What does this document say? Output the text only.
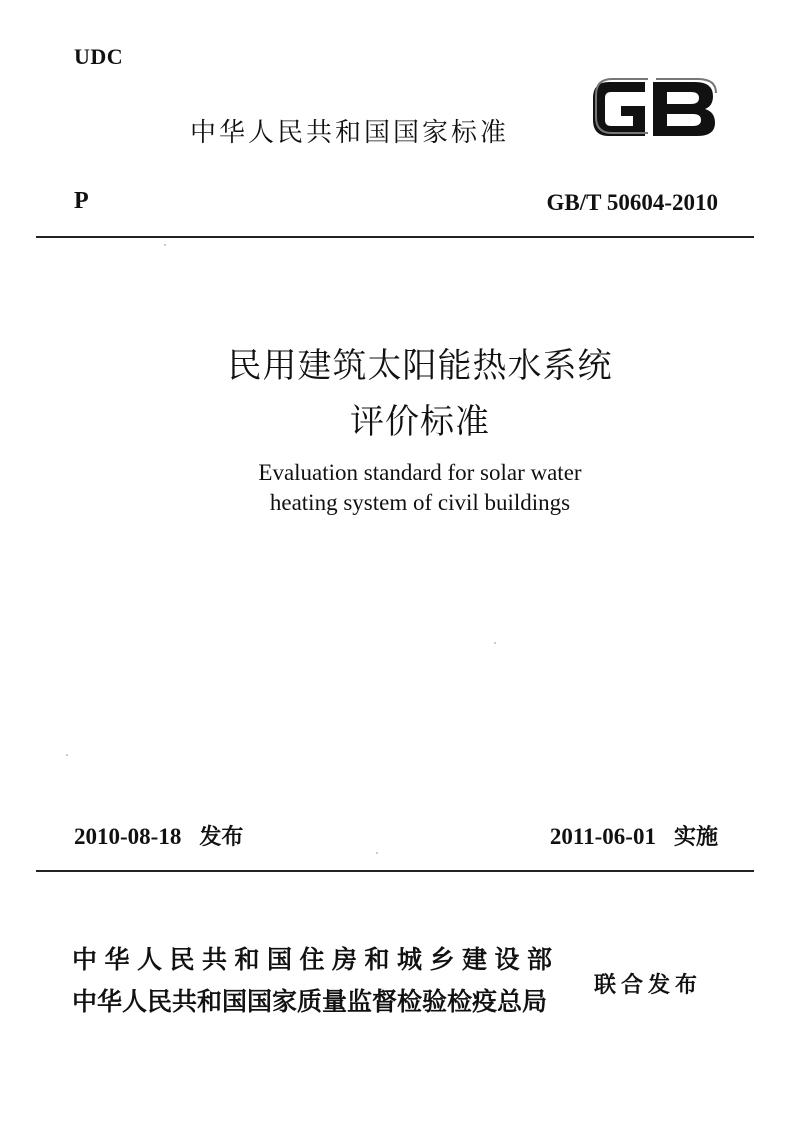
UDC
中华人民共和国国家标准
P	GB/T 50604-2010
民用建筑太阳能热水系统
评价标准
Evaluation standard for solar water
heating system of civil buildings
2010-08-18 发布	2011-06-01 实施
中华人民共和国住房和城乡建设部
中华人民共和国国家质量监督检验检疫总局
联合发布
